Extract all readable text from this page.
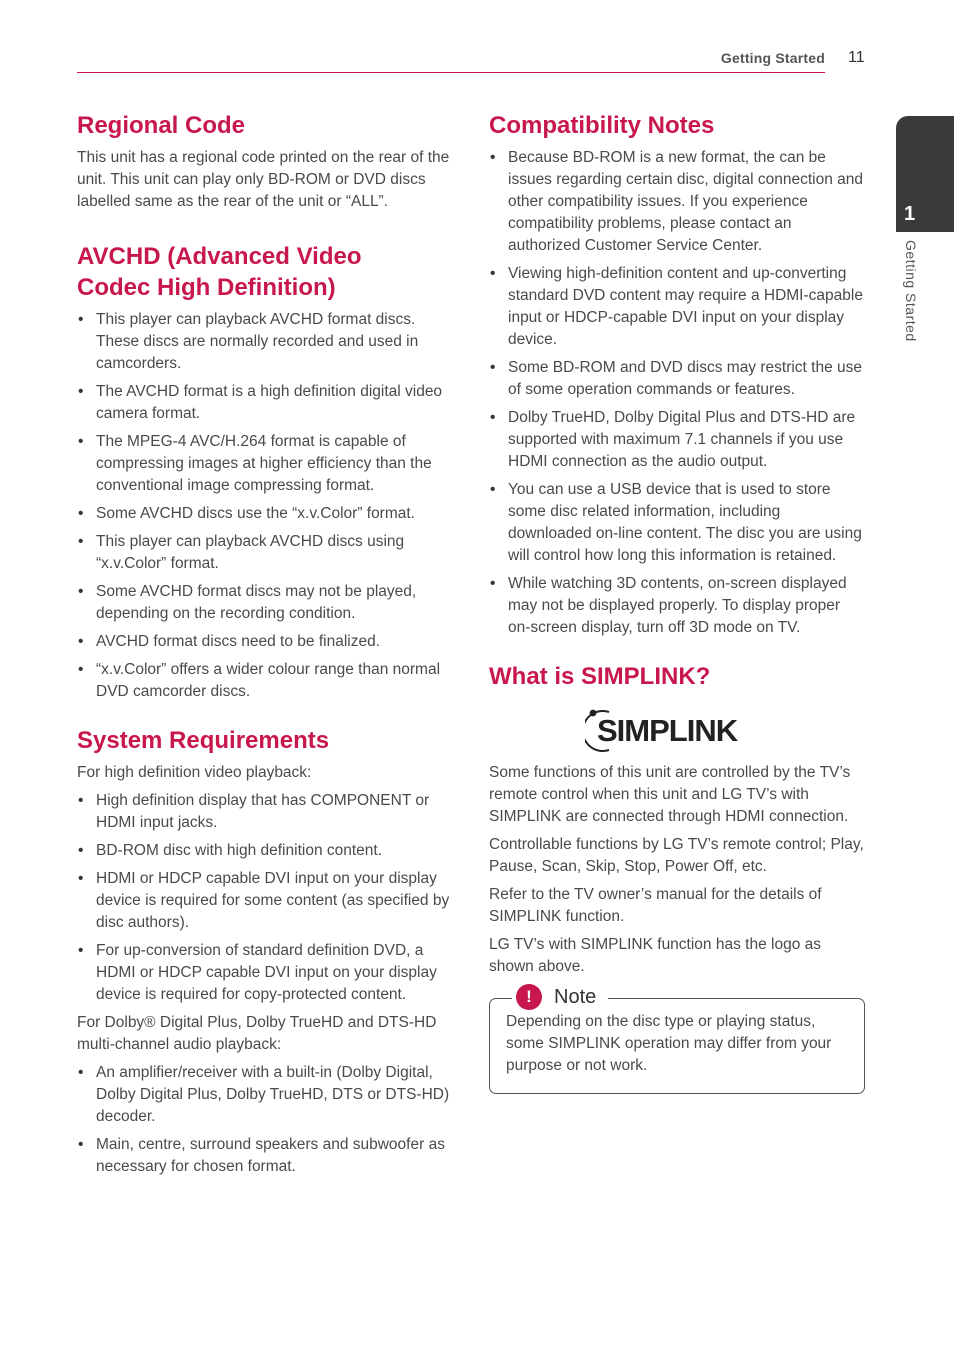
Getting Started 11
1
Getting Started
Regional Code

This unit has a regional code printed on the rear of the unit. This unit can play only BD-ROM or DVD discs labelled same as the rear of the unit or “ALL”.

AVCHD (Advanced Video
Codec High Definition)
• This player can playback AVCHD format discs. These discs are normally recorded and used in camcorders.
• The AVCHD format is a high definition digital video camera format.
• The MPEG-4 AVC/H.264 format is capable of compressing images at higher efficiency than the conventional image compressing format.
• Some AVCHD discs use the “x.v.Color” format.
• This player can playback AVCHD discs using “x.v.Color” format.
• Some AVCHD format discs may not be played, depending on the recording condition.
• AVCHD format discs need to be finalized.
• “x.v.Color” offers a wider colour range than normal DVD camcorder discs.
System Requirements

For high definition video playback:

• High definition display that has COMPONENT or HDMI input jacks.
• BD-ROM disc with high definition content.
• HDMI or HDCP capable DVI input on your display device is required for some content (as specified by disc authors).
• For up-conversion of standard definition DVD, a HDMI or HDCP capable DVI input on your display device is required for copy-protected content.

For Dolby® Digital Plus, Dolby TrueHD and DTS-HD multi-channel audio playback:

• An amplifier/receiver with a built-in (Dolby Digital, Dolby Digital Plus, Dolby TrueHD, DTS or DTS-HD) decoder.
• Main, centre, surround speakers and subwoofer as necessary for chosen format.
Compatibility Notes
• Because BD-ROM is a new format, the can be issues regarding certain disc, digital connection and other compatibility issues. If you experience compatibility problems, please contact an authorized Customer Service Center.
• Viewing high-definition content and up-converting standard DVD content may require a HDMI-capable input or HDCP-capable DVI input on your display device.
• Some BD-ROM and DVD discs may restrict the use of some operation commands or features.
• Dolby TrueHD, Dolby Digital Plus and DTS-HD are supported with maximum 7.1 channels if you use HDMI connection as the audio output.
• You can use a USB device that is used to store some disc related information, including downloaded on-line content. The disc you are using will control how long this information is retained.
• While watching 3D contents, on-screen displayed may not be displayed properly. To display proper on-screen display, turn off 3D mode on TV.
What is SIMPLINK?
SIMPLINK

Some functions of this unit are controlled by the TV’s remote control when this unit and LG TV’s with SIMPLINK are connected through HDMI connection.

Controllable functions by LG TV’s remote control; Play, Pause, Scan, Skip, Stop, Power Off, etc.

Refer to the TV owner’s manual for the details of SIMPLINK function.

LG TV’s with SIMPLINK function has the logo as shown above.

!	Note

Depending on the disc type or playing status, some SIMPLINK operation may differ from your purpose or not work.
